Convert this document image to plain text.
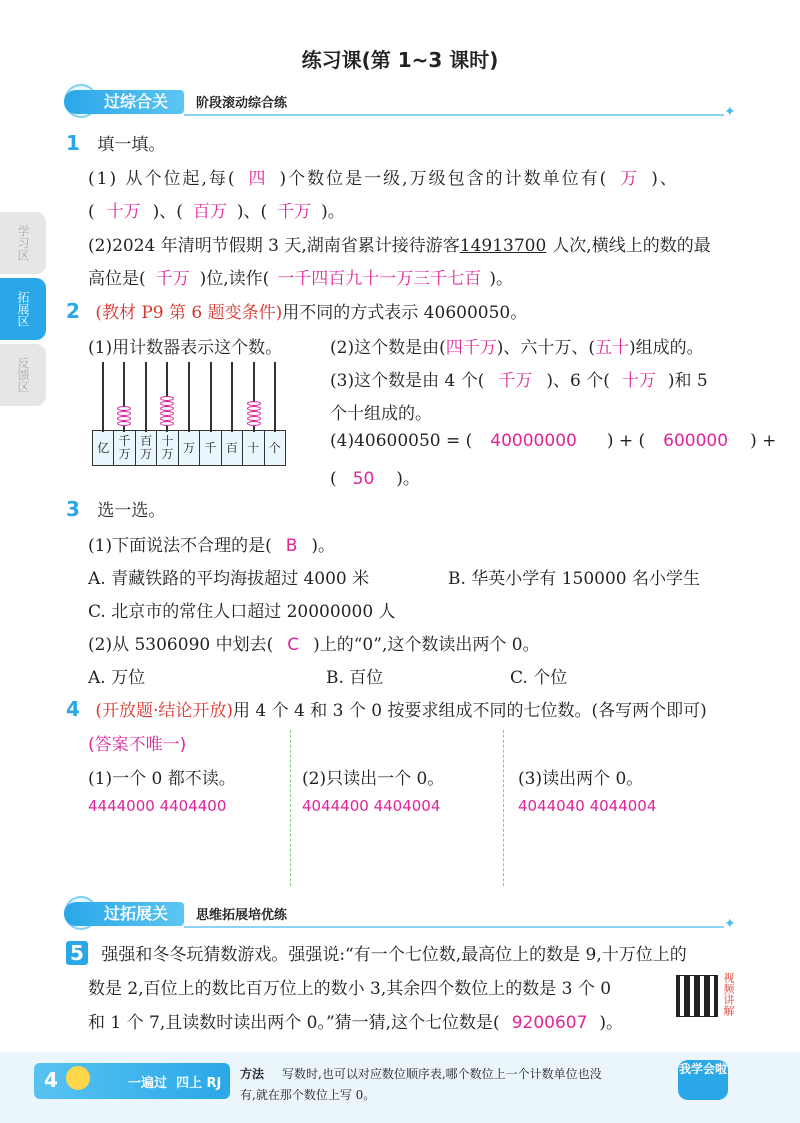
练习课(第 1~3 课时)
学习区
拓展区
反馈区
过综合关	阶段滚动综合练
✦
1 填一填。
(1) 从个位起,每( 四 )个数位是一级,万级包含的计数单位有( 万 )、
( 十万 )、( 百万 )、( 千万 )。
(2)2024 年清明节假期 3 天,湖南省累计接待游客14913700 人次,横线上的数的最
高位是( 千万 )位,读作( 一千四百九十一万三千七百 )。
2 (教材 P9 第 6 题变条件)用不同的方式表示 40600050。
(1)用计数器表示这个数。	(2)这个数是由(四千万)、六十万、(五十)组成的。
(3)这个数是由 4 个( 千万 )、6 个( 十万 )和 5
个十组成的。
(4)40600050 = ( 40000000 ) + ( 600000 ) +
( 50 )。
亿 千
万
百
万
十
万 万 千 百 十 个
3 选一选。
(1)下面说法不合理的是( B )。
A. 青藏铁路的平均海拔超过 4000 米	B. 华英小学有 150000 名小学生
C. 北京市的常住人口超过 20000000 人
(2)从 5306090 中划去( C )上的“0”,这个数读出两个 0。
A. 万位	B. 百位	C. 个位
4 (开放题·结论开放)用 4 个 4 和 3 个 0 按要求组成不同的七位数。(各写两个即可)
(答案不唯一)
(1)一个 0 都不读。
4444000 4404400
(2)只读出一个 0。
4044400 4404004
(3)读出两个 0。
4044040 4044004
过拓展关	思维拓展培优练
✦
5 强强和冬冬玩猜数游戏。强强说:“有一个七位数,最高位上的数是 9,十万位上的
数是 2,百位上的数比百万位上的数小 3,其余四个数位上的数是 3 个 0
和 1 个 7,且读数时读出两个 0。”猜一猜,这个七位数是( 9200607 )。
视频讲解
4	一遍过 四上 RJ
方法 写数时,也可以对应数位顺序表,哪个数位上一个计数单位也没
有,就在那个数位上写 0。
我学会啦
